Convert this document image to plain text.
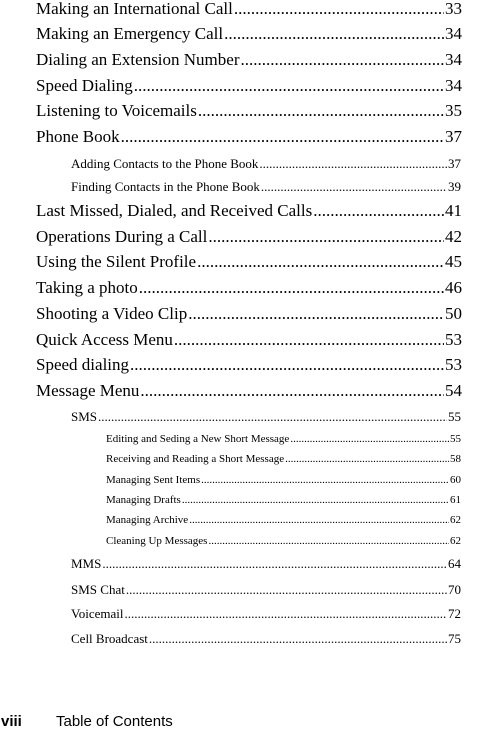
Making an International Call .....	33
Making an Emergency Call .....	34
Dialing an Extension Number .....	34
Speed Dialing .....	34
Listening to Voicemails .....	35
Phone Book .....	37
Adding Contacts to the Phone Book .....	37
Finding Contacts in the Phone Book .....	39
Last Missed, Dialed, and Received Calls .....	41
Operations During a Call .....	42
Using the Silent Profile .....	45
Taking a photo .....	46
Shooting a Video Clip .....	50
Quick Access Menu .....	53
Speed dialing .....	53
Message Menu .....	54
SMS .....	55
Editing and Seding a New Short Message .....	55
Receiving and Reading a Short Message .....	58
Managing Sent Items .....	60
Managing Drafts .....	61
Managing Archive .....	62
Cleaning Up Messages .....	62
MMS .....	64
SMS Chat .....	70
Voicemail .....	72
Cell Broadcast .....	75
viii	Table of Contents
